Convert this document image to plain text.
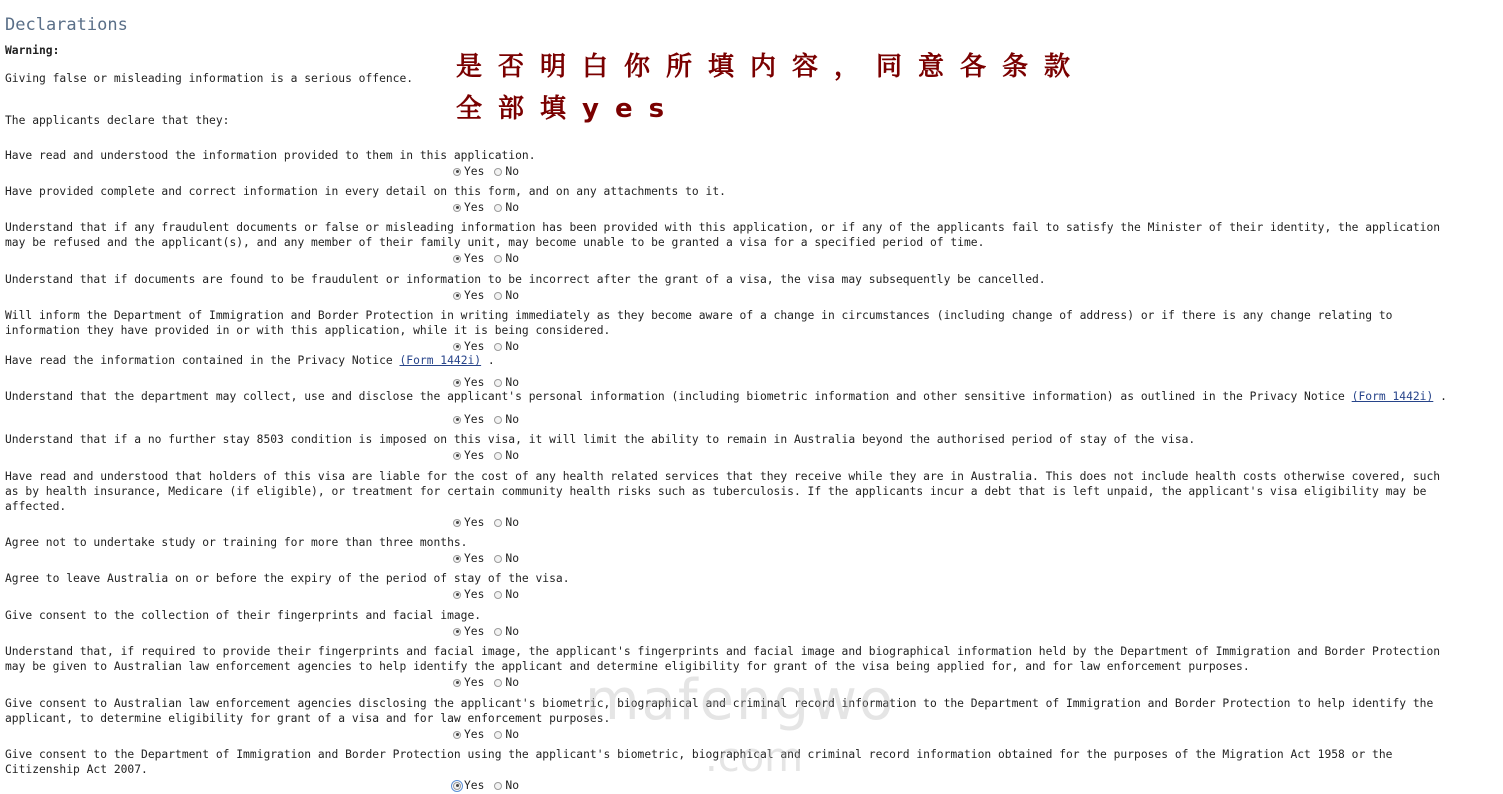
Declarations
Warning:
Giving false or misleading information is a serious offence.
The applicants declare that they:
是否明白你所填内容，同意各条款
全部填yes
Have read and understood the information provided to them in this application.
Yes No
Have provided complete and correct information in every detail on this form, and on any attachments to it.
Yes No
Understand that if any fraudulent documents or false or misleading information has been provided with this application, or if any of the applicants fail to satisfy the Minister of their identity, the application
may be refused and the applicant(s), and any member of their family unit, may become unable to be granted a visa for a specified period of time.
Yes No
Understand that if documents are found to be fraudulent or information to be incorrect after the grant of a visa, the visa may subsequently be cancelled.
Yes No
Will inform the Department of Immigration and Border Protection in writing immediately as they become aware of a change in circumstances (including change of address) or if there is any change relating to
information they have provided in or with this application, while it is being considered.
Yes No
Have read the information contained in the Privacy Notice (Form 1442i) .
Yes No
Understand that the department may collect, use and disclose the applicant's personal information (including biometric information and other sensitive information) as outlined in the Privacy Notice (Form 1442i) .
Yes No
Understand that if a no further stay 8503 condition is imposed on this visa, it will limit the ability to remain in Australia beyond the authorised period of stay of the visa.
Yes No
Have read and understood that holders of this visa are liable for the cost of any health related services that they receive while they are in Australia. This does not include health costs otherwise covered, such
as by health insurance, Medicare (if eligible), or treatment for certain community health risks such as tuberculosis. If the applicants incur a debt that is left unpaid, the applicant's visa eligibility may be
affected.
Yes No
Agree not to undertake study or training for more than three months.
Yes No
Agree to leave Australia on or before the expiry of the period of stay of the visa.
Yes No
Give consent to the collection of their fingerprints and facial image.
Yes No
Understand that, if required to provide their fingerprints and facial image, the applicant's fingerprints and facial image and biographical information held by the Department of Immigration and Border Protection
may be given to Australian law enforcement agencies to help identify the applicant and determine eligibility for grant of the visa being applied for, and for law enforcement purposes.
Yes No
Give consent to Australian law enforcement agencies disclosing the applicant's biometric, biographical and criminal record information to the Department of Immigration and Border Protection to help identify the
applicant, to determine eligibility for grant of a visa and for law enforcement purposes.
Yes No
Give consent to the Department of Immigration and Border Protection using the applicant's biometric, biographical and criminal record information obtained for the purposes of the Migration Act 1958 or the
Citizenship Act 2007.
Yes No
mafengwo
.com
